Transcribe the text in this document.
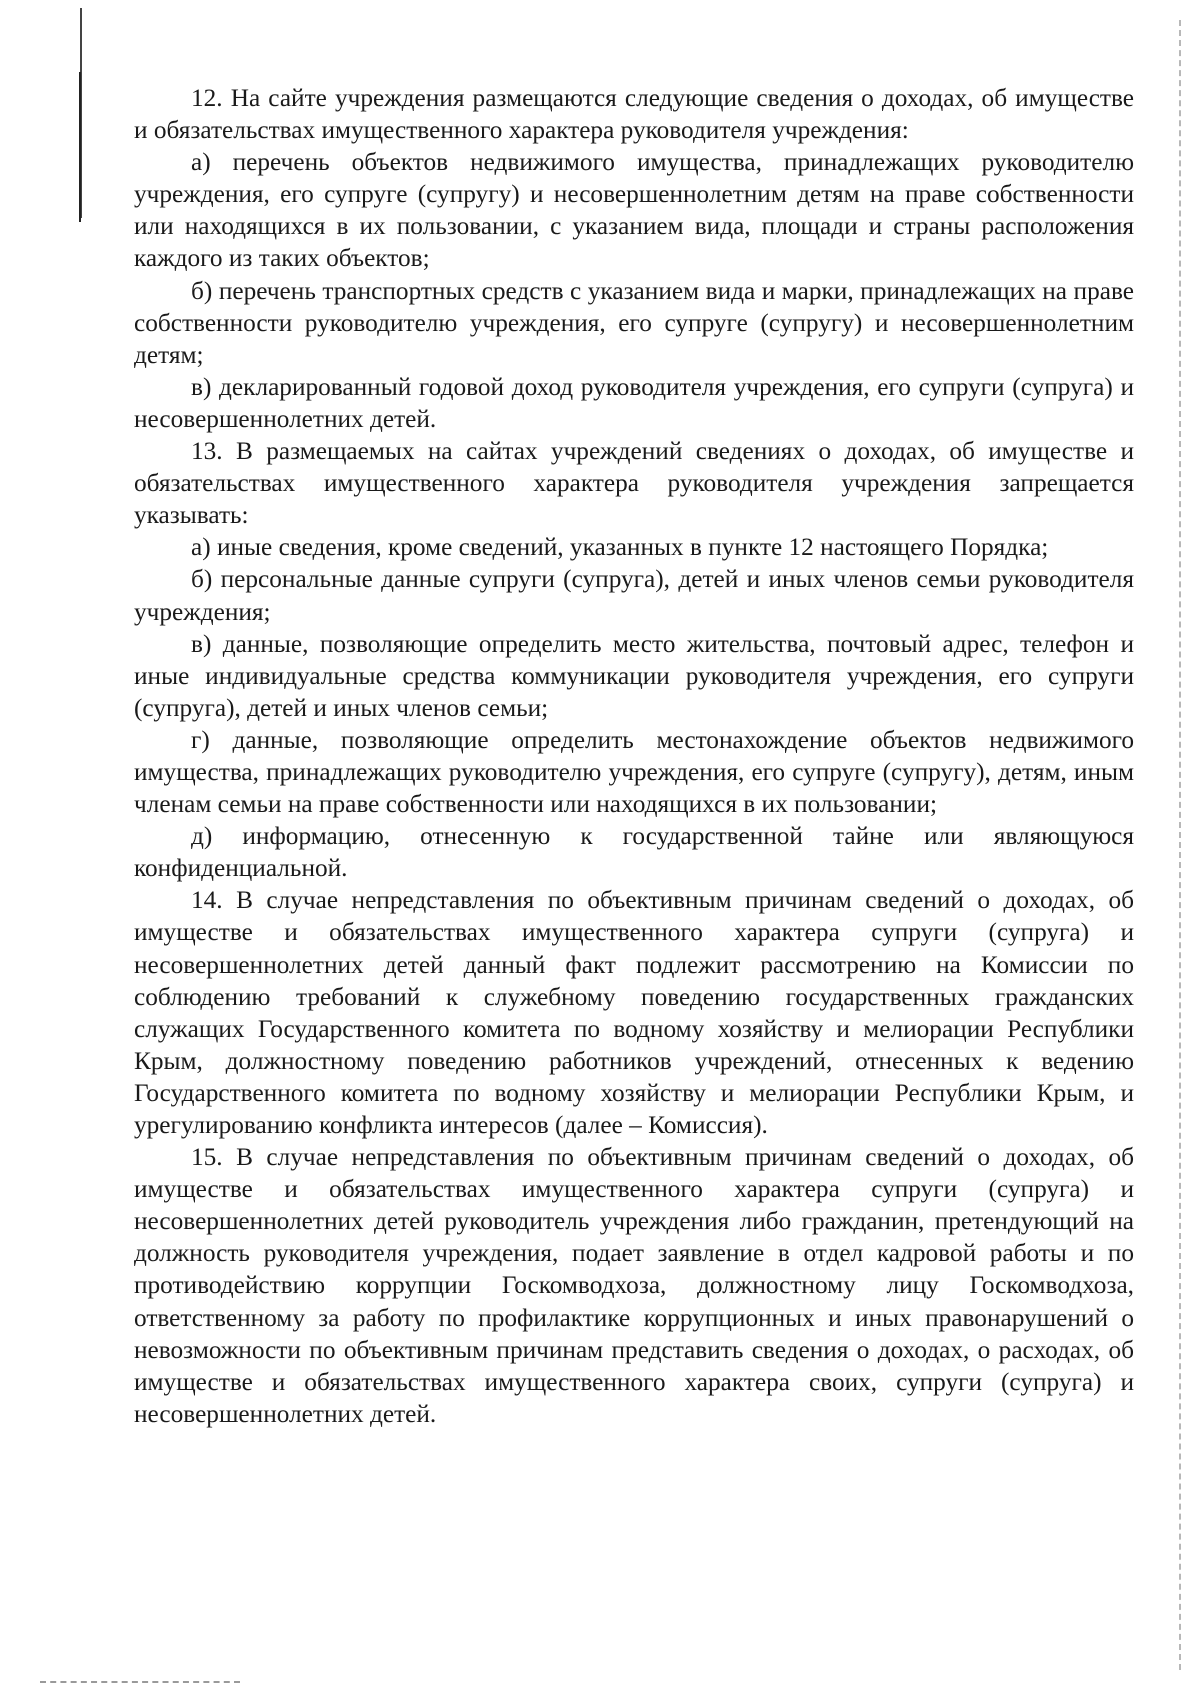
12. На сайте учреждения размещаются следующие сведения о доходах, об имуществе и обязательствах имущественного характера руководителя учреждения:

а) перечень объектов недвижимого имущества, принадлежащих руководителю учреждения, его супруге (супругу) и несовершеннолетним детям на праве собственности или находящихся в их пользовании, с указанием вида, площади и страны расположения каждого из таких объектов;

б) перечень транспортных средств с указанием вида и марки, принадлежащих на праве собственности руководителю учреждения, его супруге (супругу) и несовершеннолетним детям;

в) декларированный годовой доход руководителя учреждения, его супруги (супруга) и несовершеннолетних детей.

13. В размещаемых на сайтах учреждений сведениях о доходах, об имуществе и обязательствах имущественного характера руководителя учреждения запрещается указывать:

а) иные сведения, кроме сведений, указанных в пункте 12 настоящего Порядка;

б) персональные данные супруги (супруга), детей и иных членов семьи руководителя учреждения;

в) данные, позволяющие определить место жительства, почтовый адрес, телефон и иные индивидуальные средства коммуникации руководителя учреждения, его супруги (супруга), детей и иных членов семьи;

г) данные, позволяющие определить местонахождение объектов недвижимого имущества, принадлежащих руководителю учреждения, его супруге (супругу), детям, иным членам семьи на праве собственности или находящихся в их пользовании;

д) информацию, отнесенную к государственной тайне или являющуюся конфиденциальной.

14. В случае непредставления по объективным причинам сведений о доходах, об имуществе и обязательствах имущественного характера супруги (супруга) и несовершеннолетних детей данный факт подлежит рассмотрению на Комиссии по соблюдению требований к служебному поведению государственных гражданских служащих Государственного комитета по водному хозяйству и мелиорации Республики Крым, должностному поведению работников учреждений, отнесенных к ведению Государственного комитета по водному хозяйству и мелиорации Республики Крым, и урегулированию конфликта интересов (далее – Комиссия).

15. В случае непредставления по объективным причинам сведений о доходах, об имуществе и обязательствах имущественного характера супруги (супруга) и несовершеннолетних детей руководитель учреждения либо гражданин, претендующий на должность руководителя учреждения, подает заявление в отдел кадровой работы и по противодействию коррупции Госкомводхоза, должностному лицу Госкомводхоза, ответственному за работу по профилактике коррупционных и иных правонарушений о невозможности по объективным причинам представить сведения о доходах, о расходах, об имуществе и обязательствах имущественного характера своих, супруги (супруга) и несовершеннолетних детей.
